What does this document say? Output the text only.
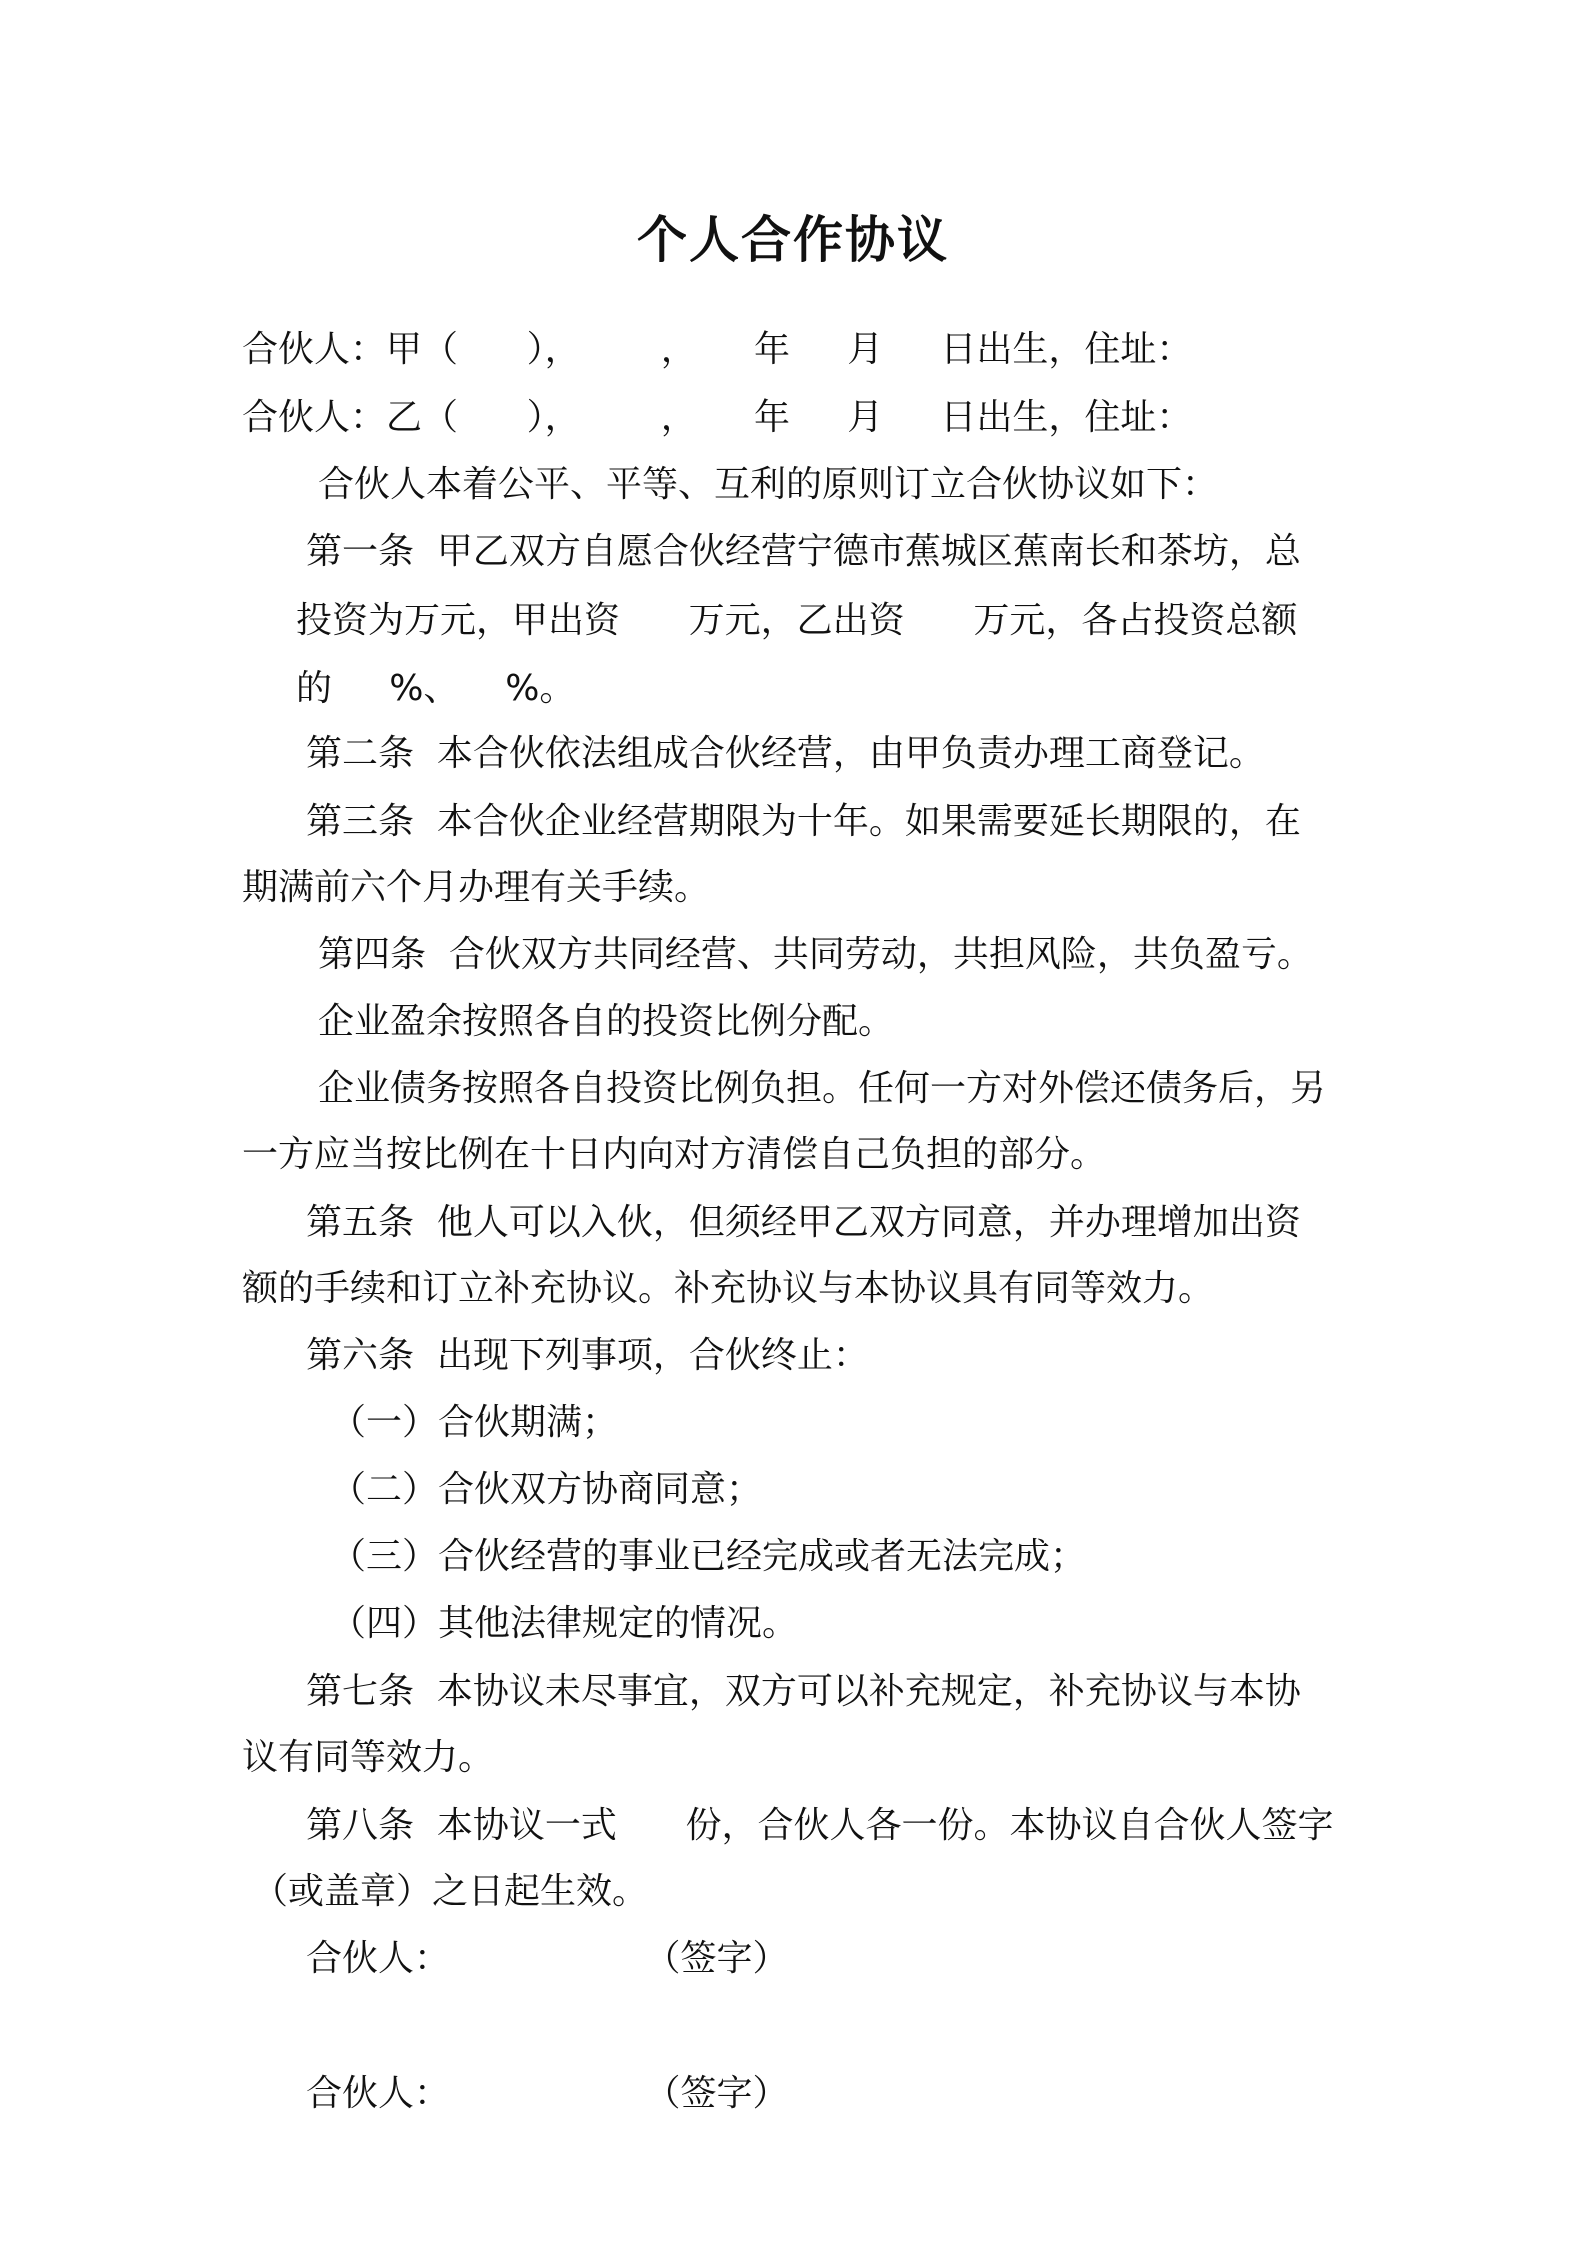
个人合作协议

合伙人：甲（      ），       ，     年     月     日出生，住址：

合伙人：乙（      ），       ，     年     月     日出生，住址：

合伙人本着公平、平等、互利的原则订立合伙协议如下：

第一条  甲乙双方自愿合伙经营宁德市蕉城区蕉南长和茶坊，总

投资为万元，甲出资      万元，乙出资      万元，各占投资总额

的     %、    %。

第二条  本合伙依法组成合伙经营，由甲负责办理工商登记。

第三条  本合伙企业经营期限为十年。如果需要延长期限的，在

期满前六个月办理有关手续。

第四条  合伙双方共同经营、共同劳动，共担风险，共负盈亏。

企业盈余按照各自的投资比例分配。

企业债务按照各自投资比例负担。任何一方对外偿还债务后，另

一方应当按比例在十日内向对方清偿自己负担的部分。

第五条  他人可以入伙，但须经甲乙双方同意，并办理增加出资

额的手续和订立补充协议。补充协议与本协议具有同等效力。

第六条  出现下列事项，合伙终止：

（一）合伙期满；

（二）合伙双方协商同意；

（三）合伙经营的事业已经完成或者无法完成；

（四）其他法律规定的情况。

第七条  本协议未尽事宜，双方可以补充规定，补充协议与本协

议有同等效力。

第八条  本协议一式      份，合伙人各一份。本协议自合伙人签字

（或盖章）之日起生效。

合伙人：                 （签字）

合伙人：                 （签字）
